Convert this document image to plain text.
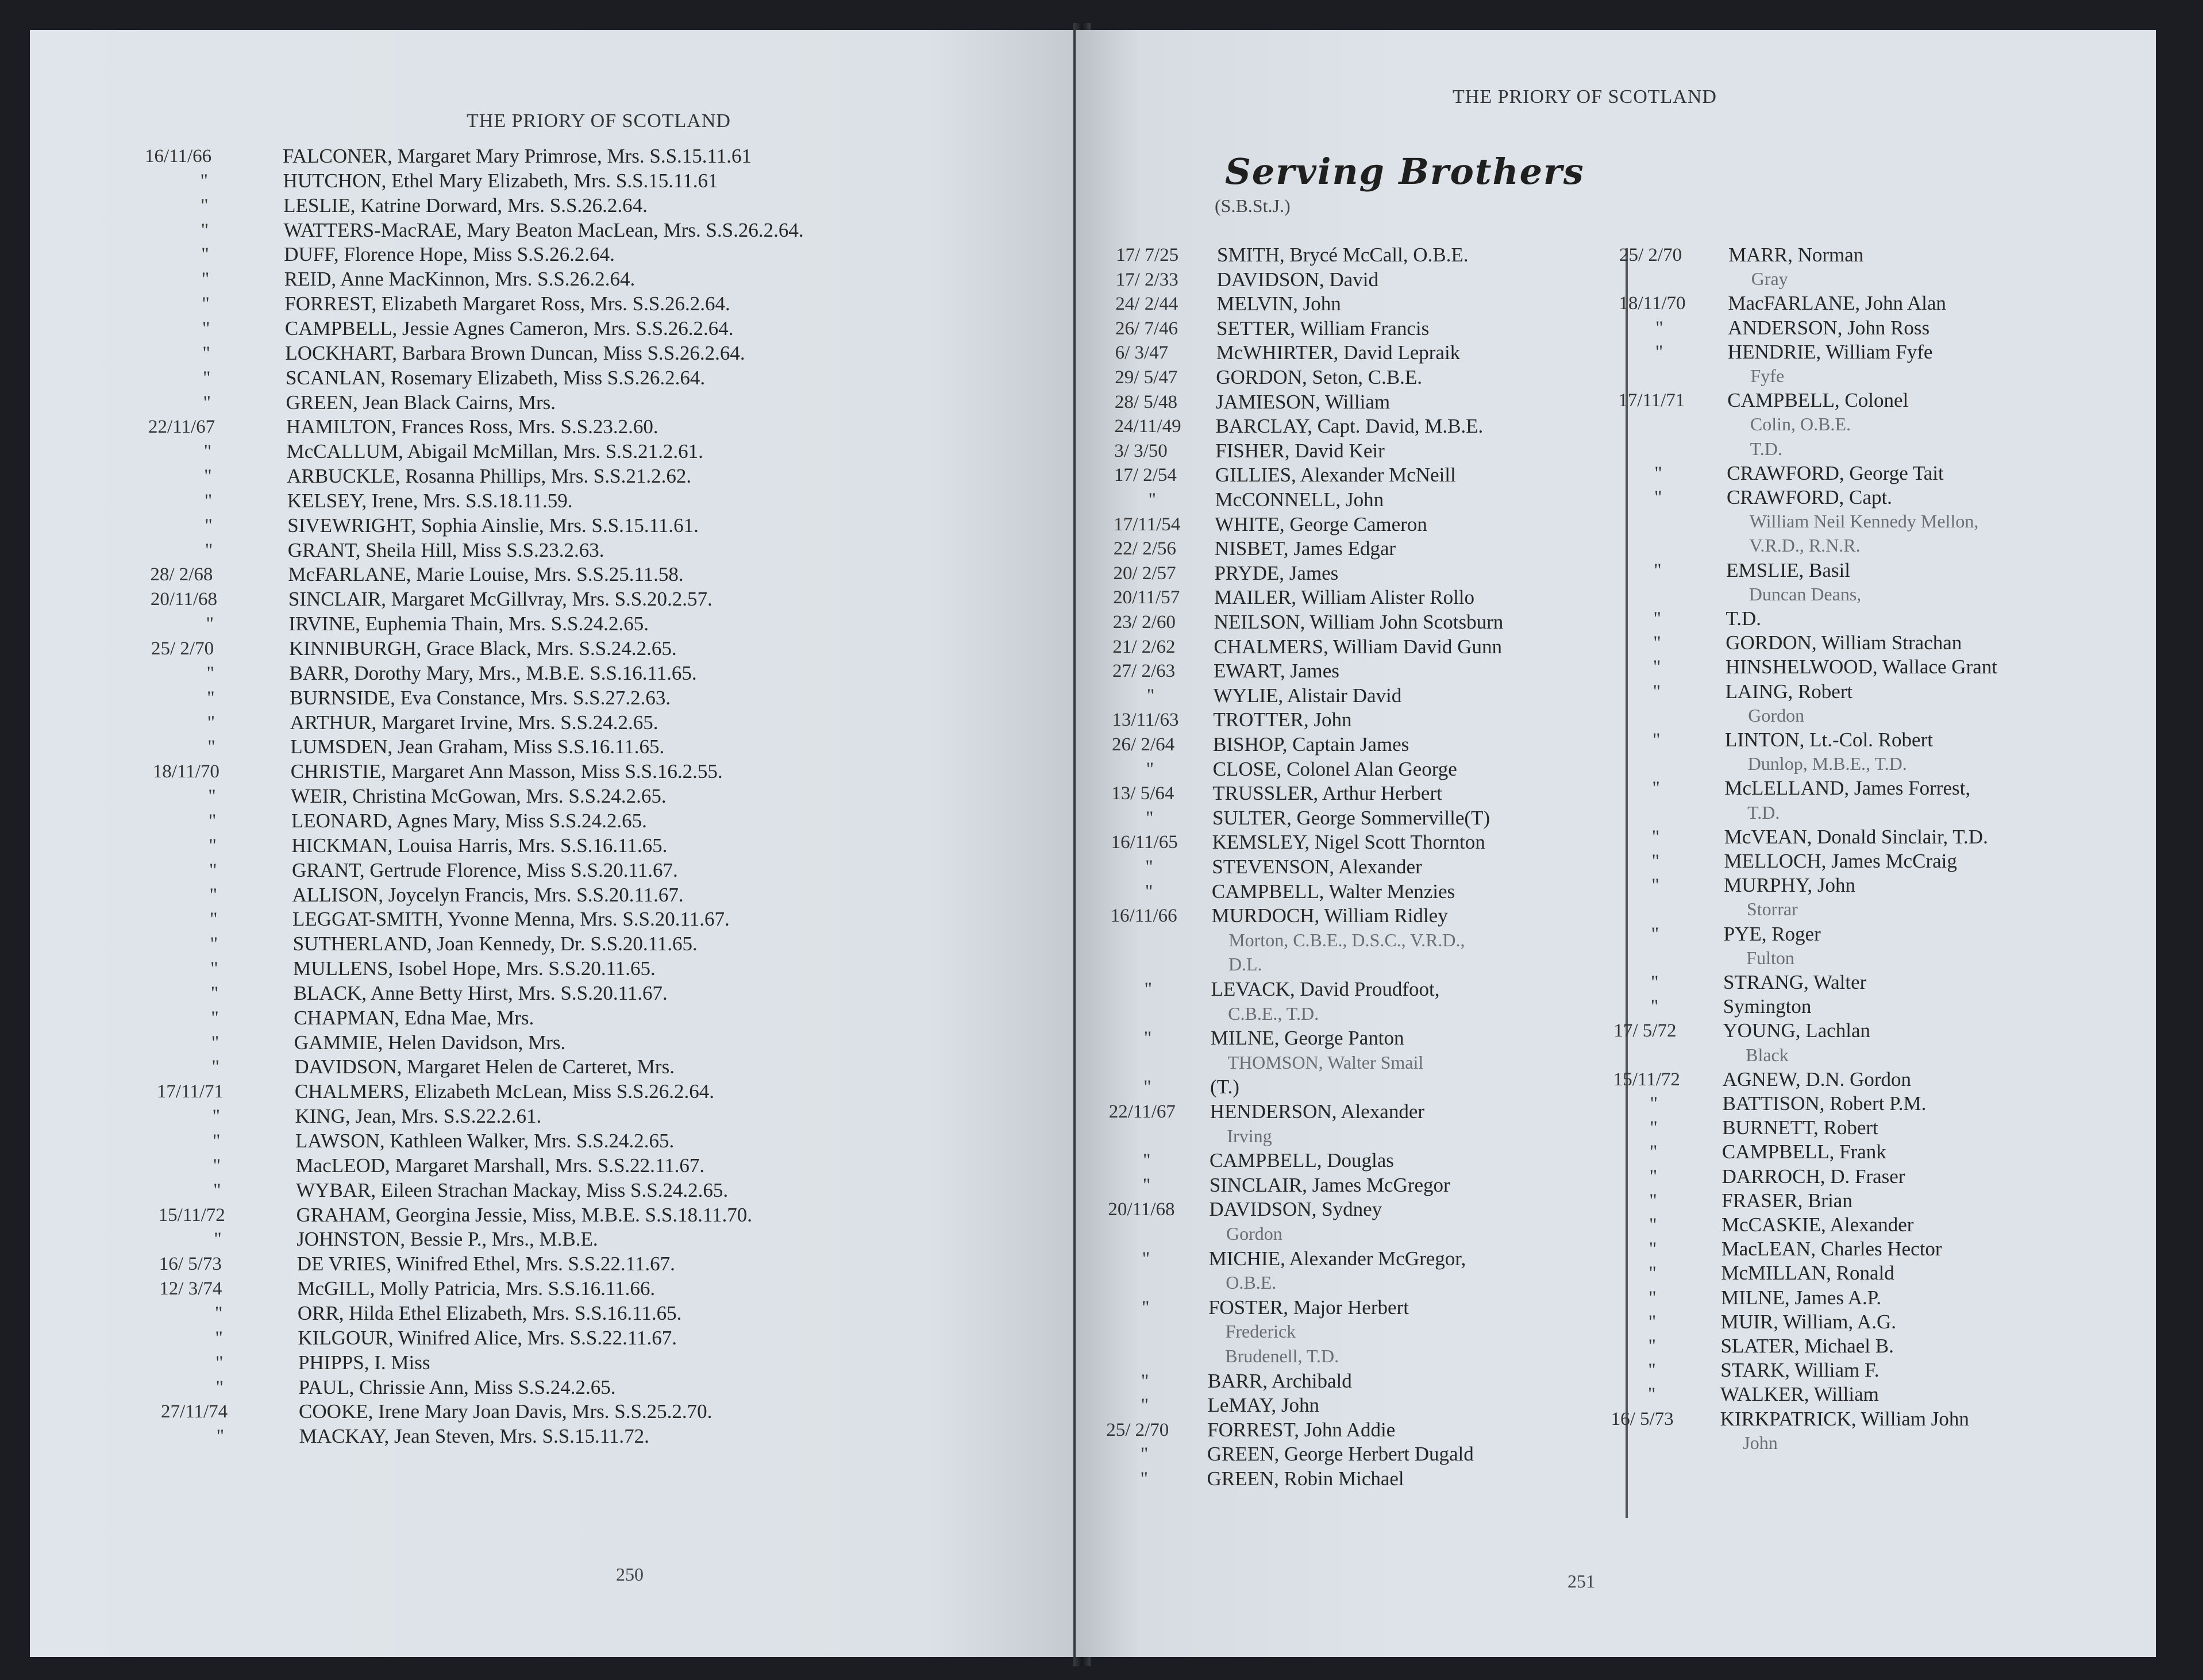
THE PRIORY OF SCOTLAND
16/11/66	FALCONER, Margaret Mary Primrose, Mrs. S.S.15.11.61
"	HUTCHON, Ethel Mary Elizabeth, Mrs. S.S.15.11.61
"	LESLIE, Katrine Dorward, Mrs. S.S.26.2.64.
"	WATTERS-MacRAE, Mary Beaton MacLean, Mrs. S.S.26.2.64.
"	DUFF, Florence Hope, Miss S.S.26.2.64.
"	REID, Anne MacKinnon, Mrs. S.S.26.2.64.
"	FORREST, Elizabeth Margaret Ross, Mrs. S.S.26.2.64.
"	CAMPBELL, Jessie Agnes Cameron, Mrs. S.S.26.2.64.
"	LOCKHART, Barbara Brown Duncan, Miss S.S.26.2.64.
"	SCANLAN, Rosemary Elizabeth, Miss S.S.26.2.64.
"	GREEN, Jean Black Cairns, Mrs.
22/11/67	HAMILTON, Frances Ross, Mrs. S.S.23.2.60.
"	McCALLUM, Abigail McMillan, Mrs. S.S.21.2.61.
"	ARBUCKLE, Rosanna Phillips, Mrs. S.S.21.2.62.
"	KELSEY, Irene, Mrs. S.S.18.11.59.
"	SIVEWRIGHT, Sophia Ainslie, Mrs. S.S.15.11.61.
"	GRANT, Sheila Hill, Miss S.S.23.2.63.
28/ 2/68	McFARLANE, Marie Louise, Mrs. S.S.25.11.58.
20/11/68	SINCLAIR, Margaret McGillvray, Mrs. S.S.20.2.57.
"	IRVINE, Euphemia Thain, Mrs. S.S.24.2.65.
25/ 2/70	KINNIBURGH, Grace Black, Mrs. S.S.24.2.65.
"	BARR, Dorothy Mary, Mrs., M.B.E. S.S.16.11.65.
"	BURNSIDE, Eva Constance, Mrs. S.S.27.2.63.
"	ARTHUR, Margaret Irvine, Mrs. S.S.24.2.65.
"	LUMSDEN, Jean Graham, Miss S.S.16.11.65.
18/11/70	CHRISTIE, Margaret Ann Masson, Miss S.S.16.2.55.
"	WEIR, Christina McGowan, Mrs. S.S.24.2.65.
"	LEONARD, Agnes Mary, Miss S.S.24.2.65.
"	HICKMAN, Louisa Harris, Mrs. S.S.16.11.65.
"	GRANT, Gertrude Florence, Miss S.S.20.11.67.
"	ALLISON, Joycelyn Francis, Mrs. S.S.20.11.67.
"	LEGGAT-SMITH, Yvonne Menna, Mrs. S.S.20.11.67.
"	SUTHERLAND, Joan Kennedy, Dr. S.S.20.11.65.
"	MULLENS, Isobel Hope, Mrs. S.S.20.11.65.
"	BLACK, Anne Betty Hirst, Mrs. S.S.20.11.67.
"	CHAPMAN, Edna Mae, Mrs.
"	GAMMIE, Helen Davidson, Mrs.
"	DAVIDSON, Margaret Helen de Carteret, Mrs.
17/11/71	CHALMERS, Elizabeth McLean, Miss S.S.26.2.64.
"	KING, Jean, Mrs. S.S.22.2.61.
"	LAWSON, Kathleen Walker, Mrs. S.S.24.2.65.
"	MacLEOD, Margaret Marshall, Mrs. S.S.22.11.67.
"	WYBAR, Eileen Strachan Mackay, Miss S.S.24.2.65.
15/11/72	GRAHAM, Georgina Jessie, Miss, M.B.E. S.S.18.11.70.
"	JOHNSTON, Bessie P., Mrs., M.B.E.
16/ 5/73	DE VRIES, Winifred Ethel, Mrs. S.S.22.11.67.
12/ 3/74	McGILL, Molly Patricia, Mrs. S.S.16.11.66.
"	ORR, Hilda Ethel Elizabeth, Mrs. S.S.16.11.65.
"	KILGOUR, Winifred Alice, Mrs. S.S.22.11.67.
"	PHIPPS, I. Miss
"	PAUL, Chrissie Ann, Miss S.S.24.2.65.
27/11/74	COOKE, Irene Mary Joan Davis, Mrs. S.S.25.2.70.
"	MACKAY, Jean Steven, Mrs. S.S.15.11.72.
250
THE PRIORY OF SCOTLAND
Serving Brothers
(S.B.St.J.)
17/ 7/25 SMITH, Brycé McCall, O.B.E.
17/ 2/33 DAVIDSON, David
24/ 2/44 MELVIN, John
26/ 7/46 SETTER, William Francis
6/ 3/47 McWHIRTER, David Lepraik
29/ 5/47 GORDON, Seton, C.B.E.
28/ 5/48 JAMIESON, William
24/11/49 BARCLAY, Capt. David, M.B.E.
3/ 3/50 FISHER, David Keir
17/ 2/54 GILLIES, Alexander McNeill
"	McCONNELL, John
17/11/54 WHITE, George Cameron
22/ 2/56 NISBET, James Edgar
20/ 2/57 PRYDE, James
20/11/57 MAILER, William Alister Rollo
23/ 2/60 NEILSON, William John Scotsburn
21/ 2/62 CHALMERS, William David Gunn
27/ 2/63 EWART, James
"	WYLIE, Alistair David
13/11/63 TROTTER, John
26/ 2/64 BISHOP, Captain James
"	CLOSE, Colonel Alan George
13/ 5/64 TRUSSLER, Arthur Herbert
"	SULTER, George Sommerville(T)
16/11/65 KEMSLEY, Nigel Scott Thornton
"	STEVENSON, Alexander
"	CAMPBELL, Walter Menzies
16/11/66 MURDOCH, William Ridley
Morton, C.B.E., D.S.C., V.R.D.,
D.L.
"	LEVACK, David Proudfoot,
C.B.E., T.D.
"	MILNE, George Panton
THOMSON, Walter Smail
"	(T.)
22/11/67 HENDERSON, Alexander
Irving
"	CAMPBELL, Douglas
"	SINCLAIR, James McGregor
20/11/68 DAVIDSON, Sydney
Gordon
"	MICHIE, Alexander McGregor,
O.B.E.
"	FOSTER, Major Herbert
Frederick
Brudenell, T.D.
"	BARR, Archibald
"	LeMAY, John
25/ 2/70 FORREST, John Addie
"	GREEN, George Herbert Dugald
"	GREEN, Robin Michael
25/ 2/70 MARR, Norman
Gray
18/11/70 MacFARLANE, John Alan
"	ANDERSON, John Ross
"	HENDRIE, William Fyfe
Fyfe
17/11/71 CAMPBELL, Colonel
Colin, O.B.E.
T.D.
"	CRAWFORD, George Tait
"	CRAWFORD, Capt.
William Neil Kennedy Mellon,
V.R.D., R.N.R.
"	EMSLIE, Basil
Duncan Deans,
"	T.D.
"	GORDON, William Strachan
"	HINSHELWOOD, Wallace Grant
"	LAING, Robert
Gordon
"	LINTON, Lt.-Col. Robert
Dunlop, M.B.E., T.D.
"	McLELLAND, James Forrest,
T.D.
"	McVEAN, Donald Sinclair, T.D.
"	MELLOCH, James McCraig
"	MURPHY, John
Storrar
"	PYE, Roger
Fulton
"	STRANG, Walter
"	Symington
17/ 5/72 YOUNG, Lachlan
Black
15/11/72 AGNEW, D.N. Gordon
"	BATTISON, Robert P.M.
"	BURNETT, Robert
"	CAMPBELL, Frank
"	DARROCH, D. Fraser
"	FRASER, Brian
"	McCASKIE, Alexander
"	MacLEAN, Charles Hector
"	McMILLAN, Ronald
"	MILNE, James A.P.
"	MUIR, William, A.G.
"	SLATER, Michael B.
"	STARK, William F.
"	WALKER, William
16/ 5/73 KIRKPATRICK, William John
John
251
